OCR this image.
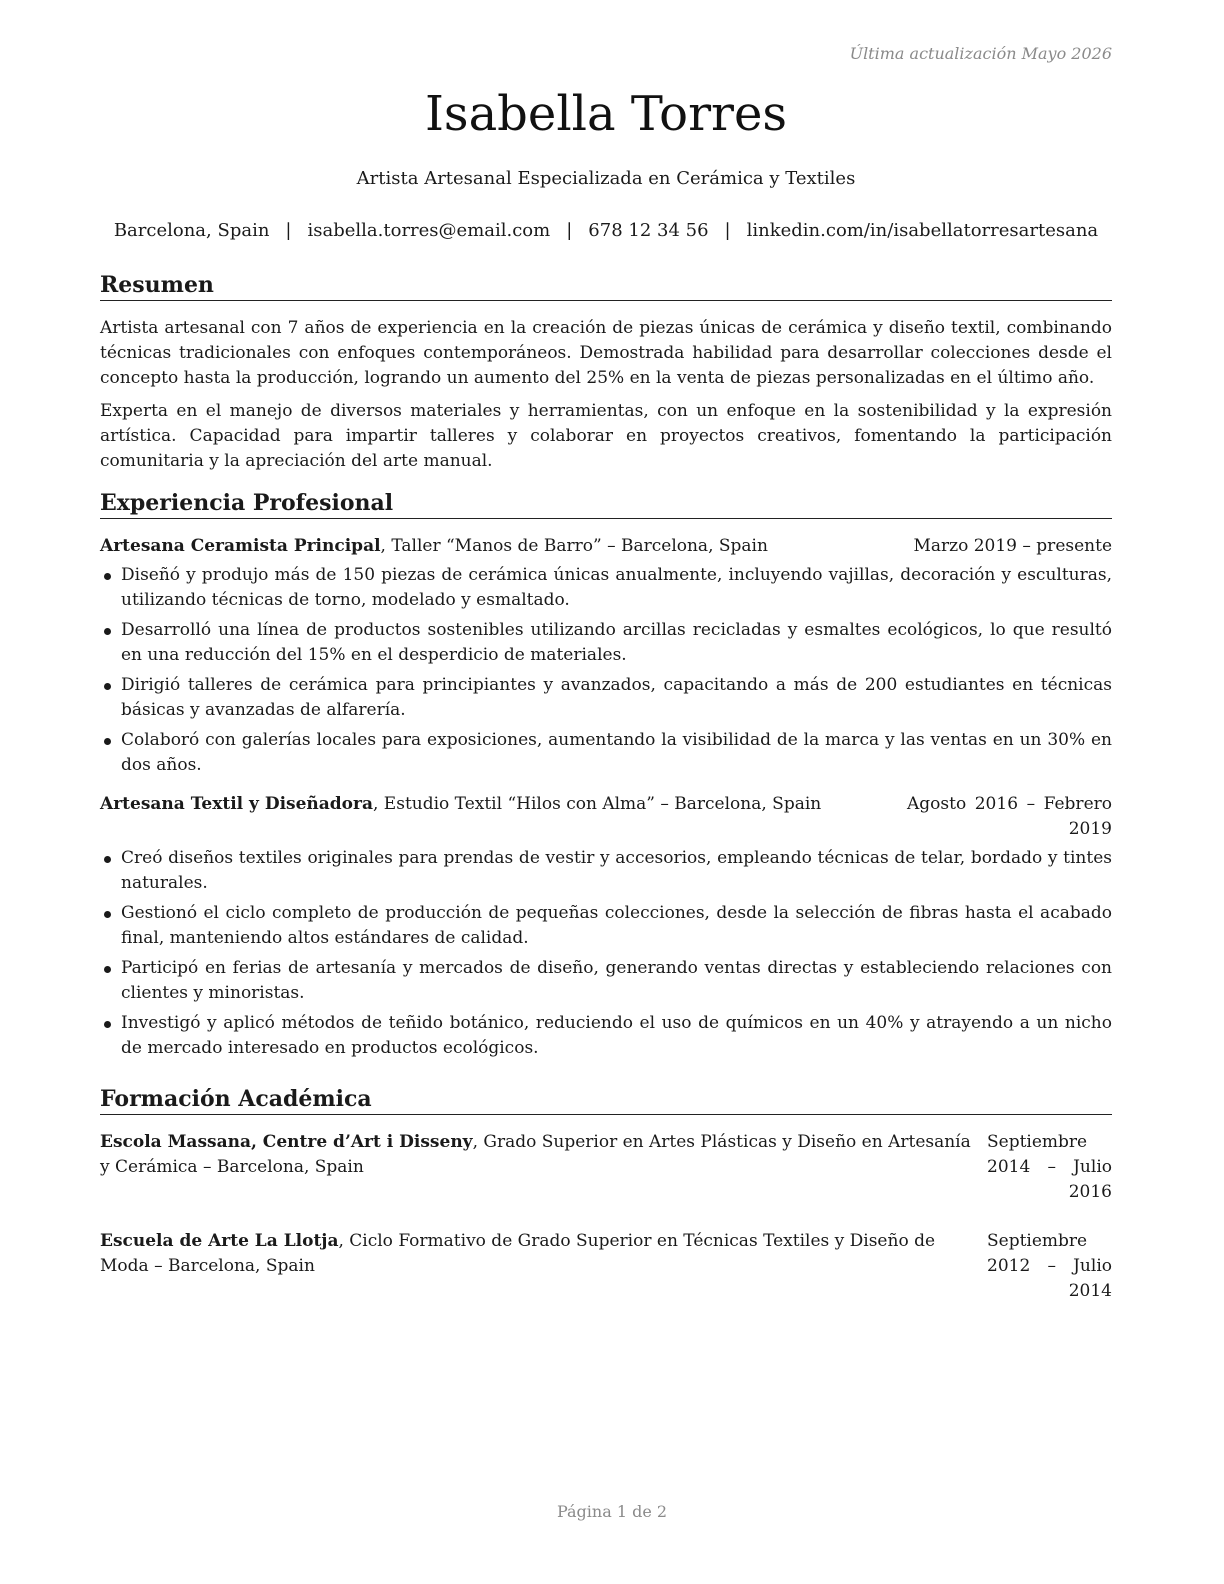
Última actualización Mayo 2026
Isabella Torres
Artista Artesanal Especializada en Cerámica y Textiles
Barcelona, Spain | isabella.torres@email.com | 678 12 34 56 | linkedin.com/in/isabellatorresartesana
Resumen

Artista artesanal con 7 años de experiencia en la creación de piezas únicas de cerámica y diseño textil, combinando técnicas tradicionales con enfoques contemporáneos. Demostrada habilidad para desarrollar colecciones desde el concepto hasta la producción, logrando un aumento del 25% en la venta de piezas personalizadas en el último año.

Experta en el manejo de diversos materiales y herramientas, con un enfoque en la sostenibilidad y la expresión artística. Capacidad para impartir talleres y colaborar en proyectos creativos, fomentando la participación comunitaria y la apreciación del arte manual.

Experiencia Profesional
Artesana Ceramista Principal, Taller “Manos de Barro” – Barcelona, Spain	Marzo 2019 – presente
Diseñó y produjo más de 150 piezas de cerámica únicas anualmente, incluyendo vajillas, decoración y esculturas, utilizando técnicas de torno, modelado y esmaltado.
Desarrolló una línea de productos sostenibles utilizando arcillas recicladas y esmaltes ecológicos, lo que resultó en una reducción del 15% en el desperdicio de materiales.
Dirigió talleres de cerámica para principiantes y avanzados, capacitando a más de 200 estudiantes en técnicas básicas y avanzadas de alfarería.
Colaboró con galerías locales para exposiciones, aumentando la visibilidad de la marca y las ventas en un 30% en dos años.
Artesana Textil y Diseñadora, Estudio Textil “Hilos con Alma” – Barcelona, Spain	Agosto 2016 – Febrero 2019
Creó diseños textiles originales para prendas de vestir y accesorios, empleando técnicas de telar, bordado y tintes naturales.
Gestionó el ciclo completo de producción de pequeñas colecciones, desde la selección de fibras hasta el acabado final, manteniendo altos estándares de calidad.
Participó en ferias de artesanía y mercados de diseño, generando ventas directas y estableciendo relaciones con clientes y minoristas.
Investigó y aplicó métodos de teñido botánico, reduciendo el uso de químicos en un 40% y atrayendo a un nicho de mercado interesado en productos ecológicos.
Formación Académica
Escola Massana, Centre d’Art i Disseny, Grado Superior en Artes Plásticas y Diseño en Artesanía y Cerámica – Barcelona, Spain
Septiembre 2014 – Julio 2016
Escuela de Arte La Llotja, Ciclo Formativo de Grado Superior en Técnicas Textiles y Diseño de Moda – Barcelona, Spain
Septiembre 2012 – Julio 2014
Página 1 de 2
